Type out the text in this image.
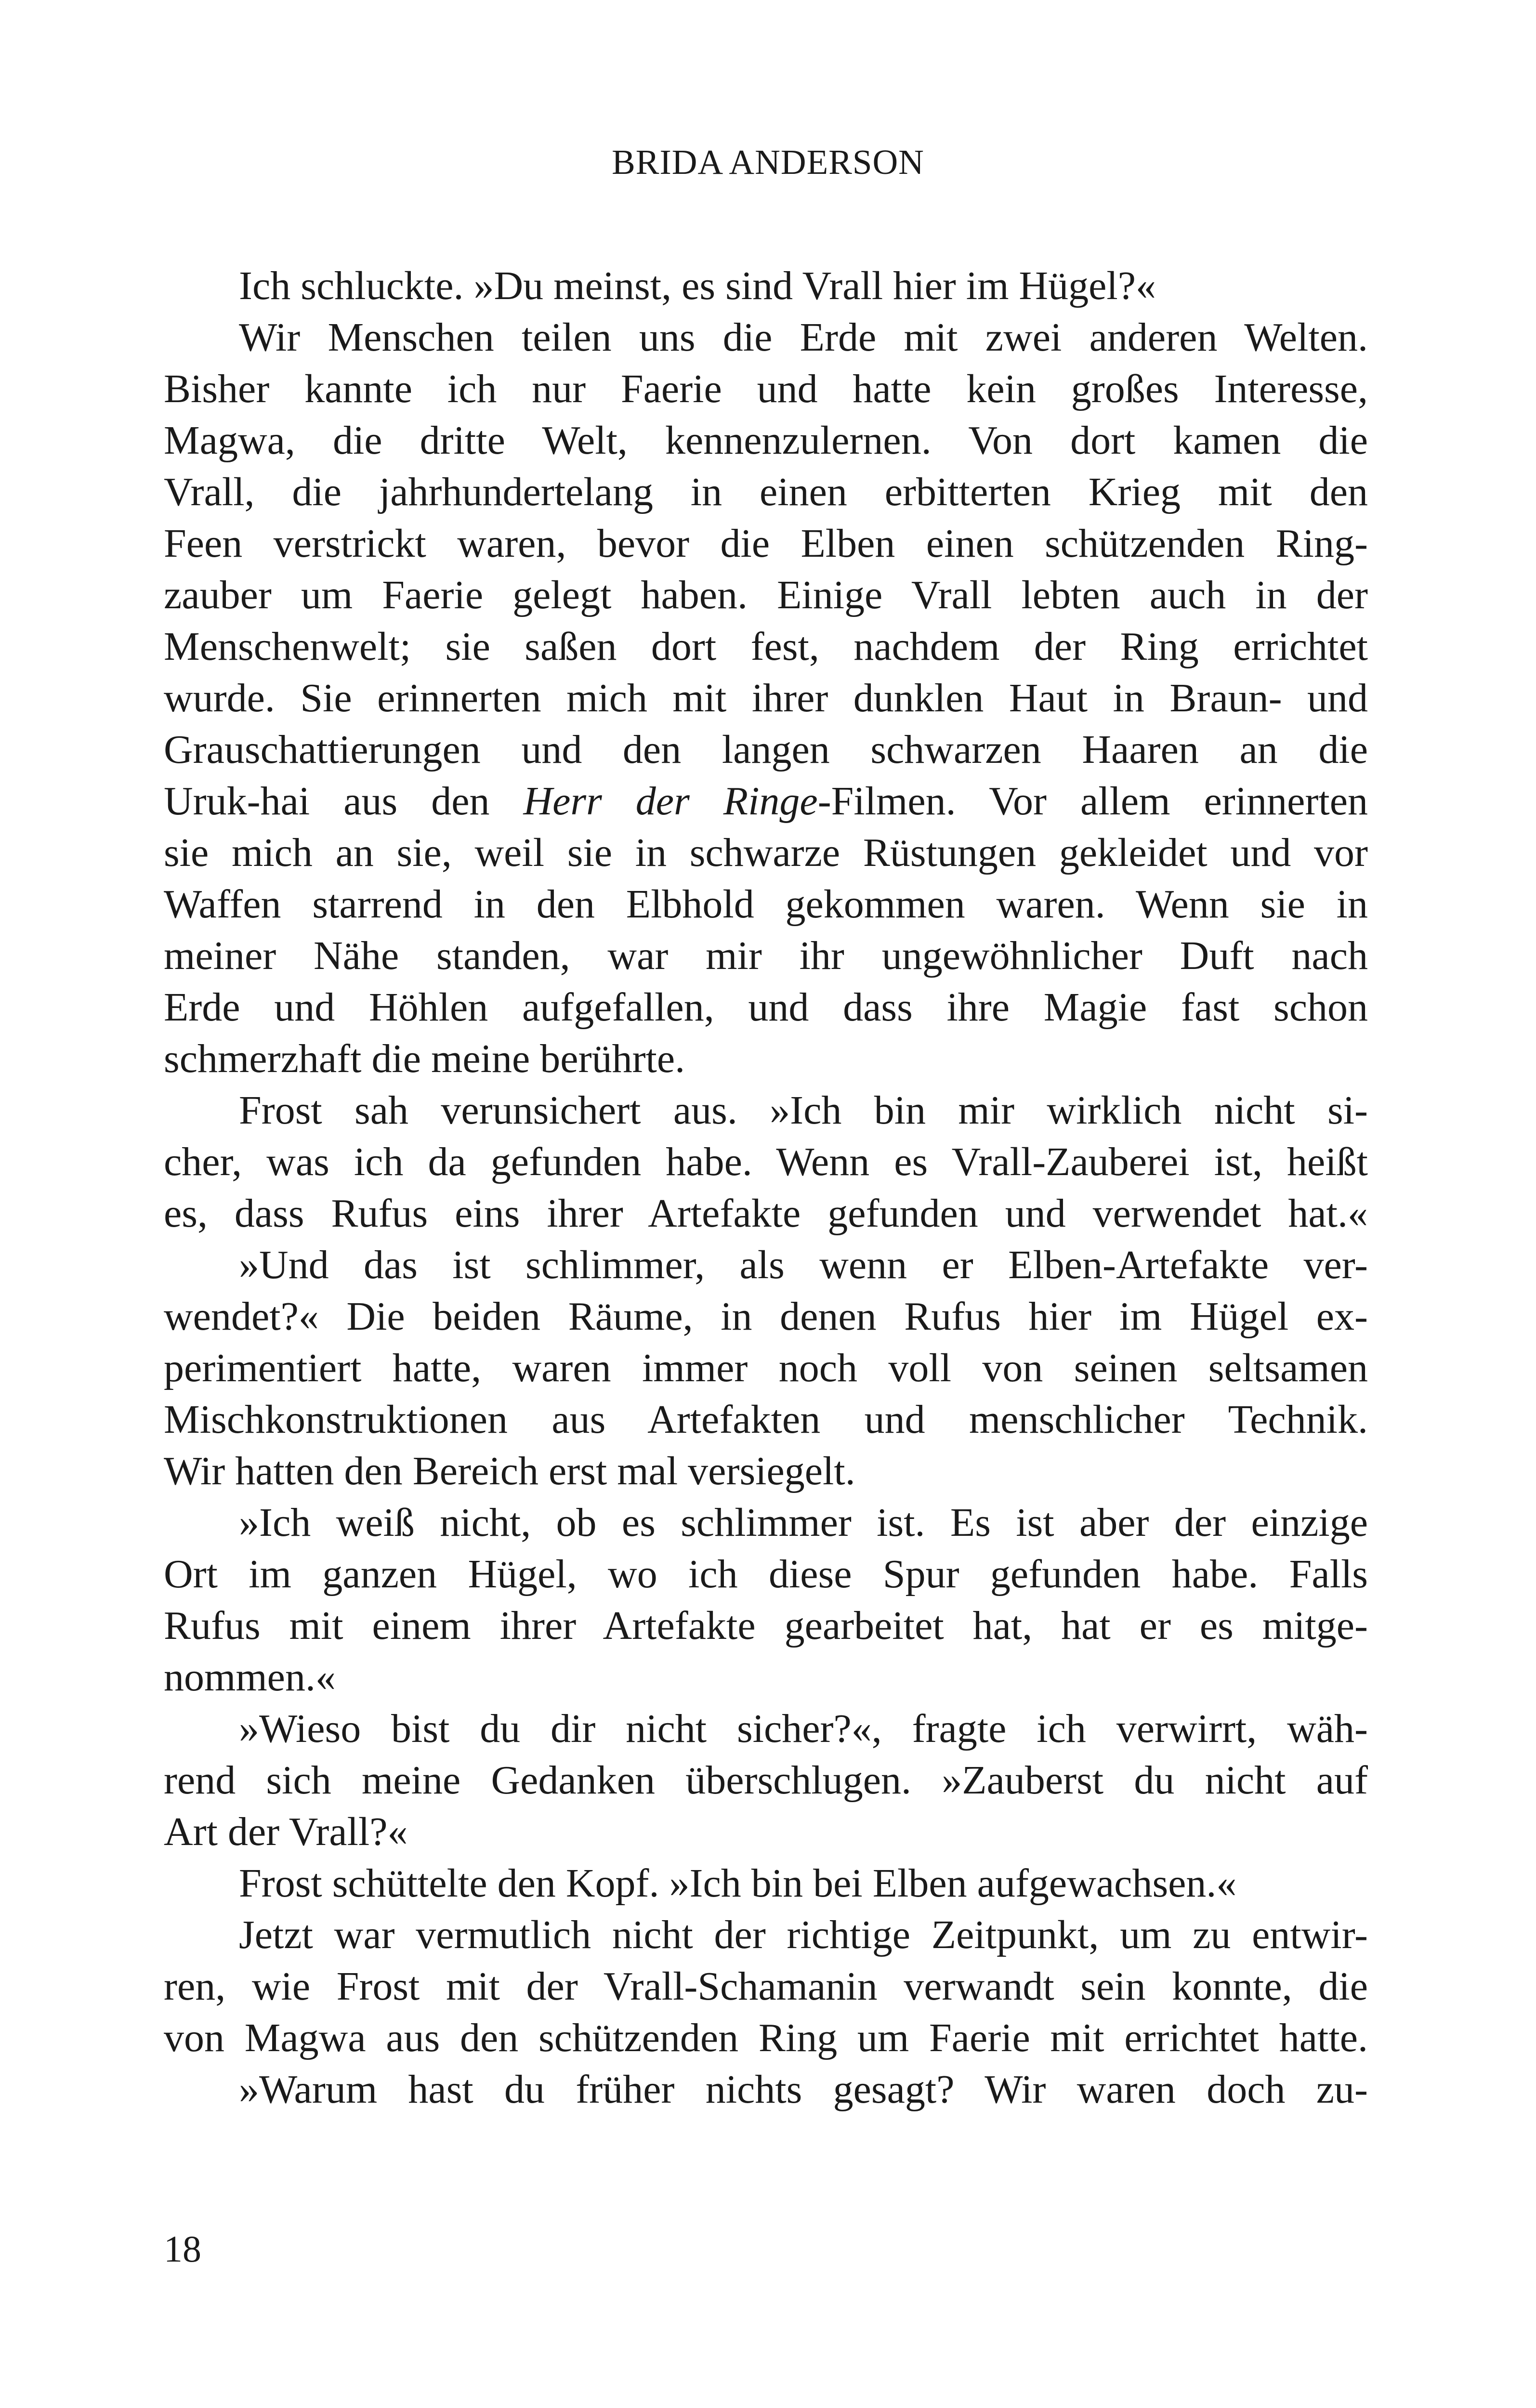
BRIDA ANDERSON
Ich schluckte. »Du meinst, es sind Vrall hier im Hügel?«
Wir Menschen teilen uns die Erde mit zwei anderen Welten.
Bisher kannte ich nur Faerie und hatte kein großes Interesse,
Magwa, die dritte Welt, kennenzulernen. Von dort kamen die
Vrall, die jahrhundertelang in einen erbitterten Krieg mit den
Feen verstrickt waren, bevor die Elben einen schützenden Ring-
zauber um Faerie gelegt haben. Einige Vrall lebten auch in der
Menschenwelt; sie saßen dort fest, nachdem der Ring errichtet
wurde. Sie erinnerten mich mit ihrer dunklen Haut in Braun- und
Grauschattierungen und den langen schwarzen Haaren an die
Uruk-hai aus den Herr der Ringe-Filmen. Vor allem erinnerten
sie mich an sie, weil sie in schwarze Rüstungen gekleidet und vor
Waffen starrend in den Elbhold gekommen waren. Wenn sie in
meiner Nähe standen, war mir ihr ungewöhnlicher Duft nach
Erde und Höhlen aufgefallen, und dass ihre Magie fast schon
schmerzhaft die meine berührte.
Frost sah verunsichert aus. »Ich bin mir wirklich nicht si-
cher, was ich da gefunden habe. Wenn es Vrall-Zauberei ist, heißt
es, dass Rufus eins ihrer Artefakte gefunden und verwendet hat.«
»Und das ist schlimmer, als wenn er Elben-Artefakte ver-
wendet?« Die beiden Räume, in denen Rufus hier im Hügel ex-
perimentiert hatte, waren immer noch voll von seinen seltsamen
Mischkonstruktionen aus Artefakten und menschlicher Technik.
Wir hatten den Bereich erst mal versiegelt.
»Ich weiß nicht, ob es schlimmer ist. Es ist aber der einzige
Ort im ganzen Hügel, wo ich diese Spur gefunden habe. Falls
Rufus mit einem ihrer Artefakte gearbeitet hat, hat er es mitge-
nommen.«
»Wieso bist du dir nicht sicher?«, fragte ich verwirrt, wäh-
rend sich meine Gedanken überschlugen. »Zauberst du nicht auf
Art der Vrall?«
Frost schüttelte den Kopf. »Ich bin bei Elben aufgewachsen.«
Jetzt war vermutlich nicht der richtige Zeitpunkt, um zu entwir-
ren, wie Frost mit der Vrall-Schamanin verwandt sein konnte, die
von Magwa aus den schützenden Ring um Faerie mit errichtet hatte.
»Warum hast du früher nichts gesagt? Wir waren doch zu-
18
